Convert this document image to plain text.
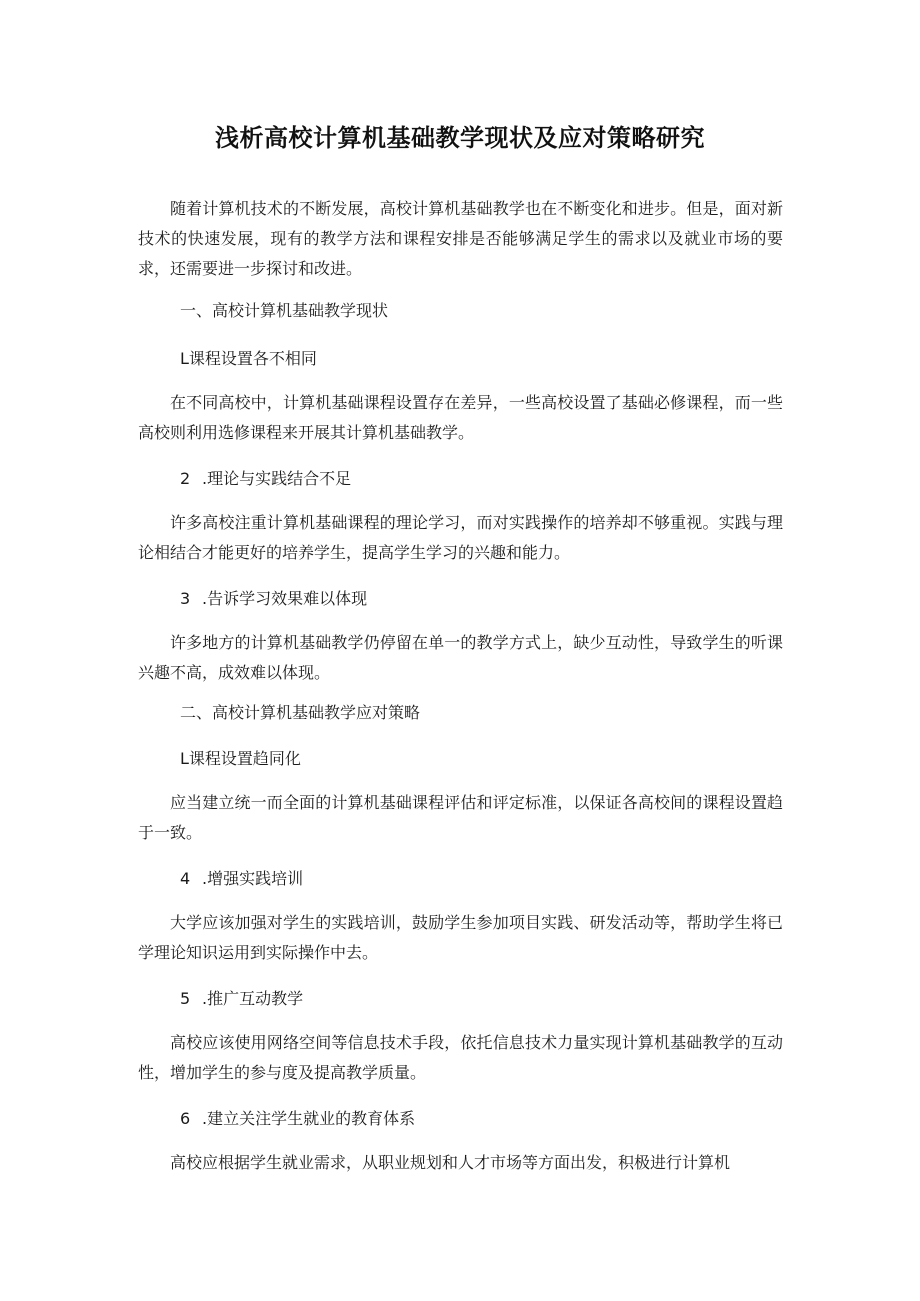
浅析高校计算机基础教学现状及应对策略研究
随着计算机技术的不断发展，高校计算机基础教学也在不断变化和进步。但是，面对新技术的快速发展，现有的教学方法和课程安排是否能够满足学生的需求以及就业市场的要求，还需要进一步探讨和改进。
一、高校计算机基础教学现状
L课程设置各不相同
在不同高校中，计算机基础课程设置存在差异，一些高校设置了基础必修课程，而一些高校则利用选修课程来开展其计算机基础教学。
2 .理论与实践结合不足
许多高校注重计算机基础课程的理论学习，而对实践操作的培养却不够重视。实践与理论相结合才能更好的培养学生，提高学生学习的兴趣和能力。
3 .告诉学习效果难以体现
许多地方的计算机基础教学仍停留在单一的教学方式上，缺少互动性，导致学生的听课兴趣不高，成效难以体现。
二、高校计算机基础教学应对策略
L课程设置趋同化
应当建立统一而全面的计算机基础课程评估和评定标准，以保证各高校间的课程设置趋于一致。
4 .增强实践培训
大学应该加强对学生的实践培训，鼓励学生参加项目实践、研发活动等，帮助学生将已学理论知识运用到实际操作中去。
5 .推广互动教学
高校应该使用网络空间等信息技术手段，依托信息技术力量实现计算机基础教学的互动性，增加学生的参与度及提高教学质量。
6 .建立关注学生就业的教育体系
高校应根据学生就业需求，从职业规划和人才市场等方面出发，积极进行计算机
